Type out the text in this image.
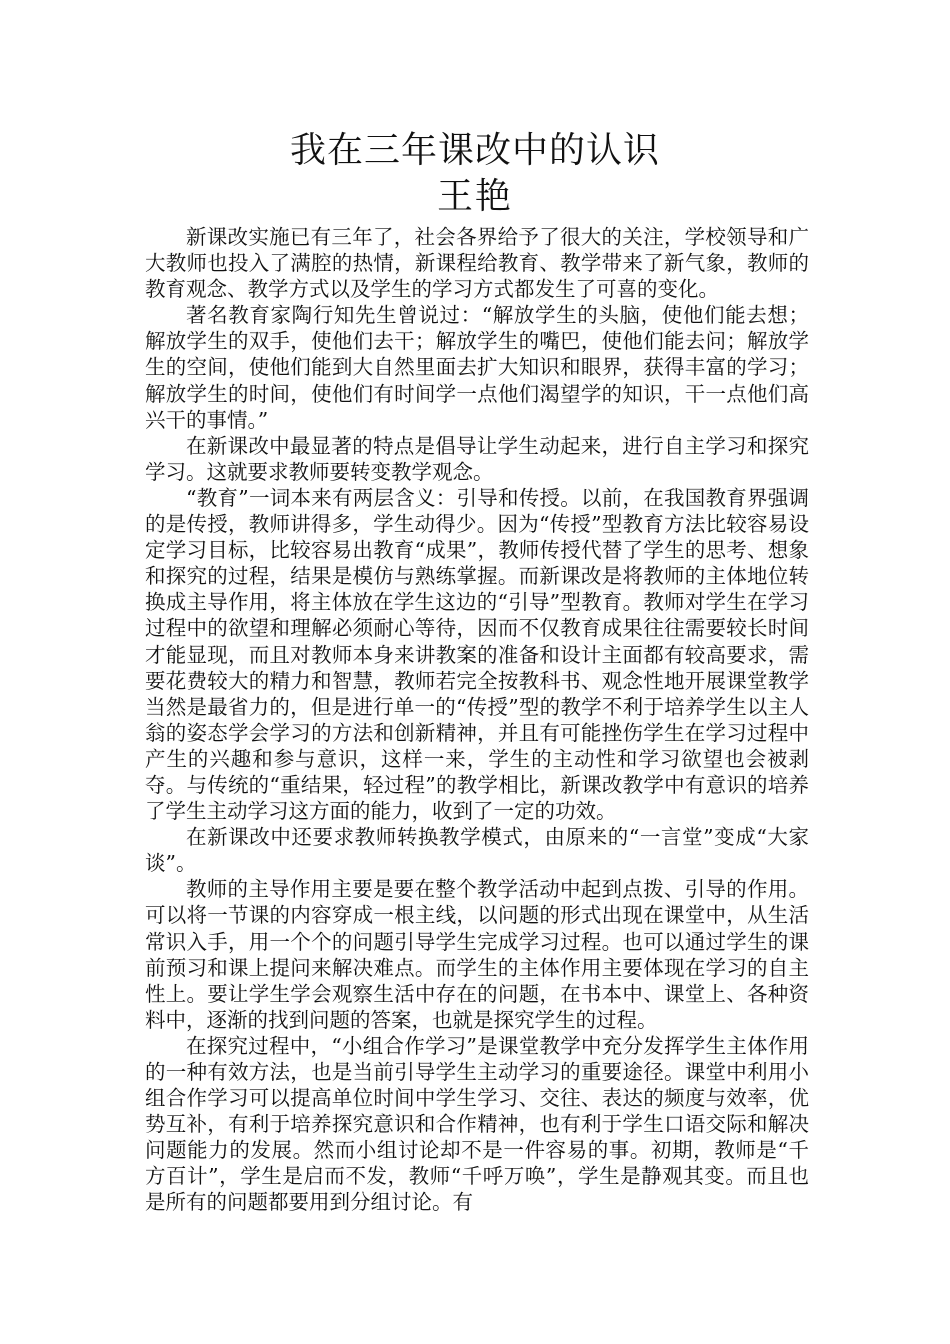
我在三年课改中的认识
王艳

新课改实施已有三年了，社会各界给予了很大的关注，学校领导和广大教师也投入了满腔的热情，新课程给教育、教学带来了新气象，教师的教育观念、教学方式以及学生的学习方式都发生了可喜的变化。

著名教育家陶行知先生曾说过：“解放学生的头脑，使他们能去想；解放学生的双手，使他们去干；解放学生的嘴巴，使他们能去问；解放学生的空间，使他们能到大自然里面去扩大知识和眼界，获得丰富的学习；解放学生的时间，使他们有时间学一点他们渴望学的知识，干一点他们高兴干的事情。”

在新课改中最显著的特点是倡导让学生动起来，进行自主学习和探究学习。这就要求教师要转变教学观念。

“教育”一词本来有两层含义：引导和传授。以前，在我国教育界强调的是传授，教师讲得多，学生动得少。因为“传授”型教育方法比较容易设定学习目标，比较容易出教育“成果”，教师传授代替了学生的思考、想象和探究的过程，结果是模仿与熟练掌握。而新课改是将教师的主体地位转换成主导作用，将主体放在学生这边的“引导”型教育。教师对学生在学习过程中的欲望和理解必须耐心等待，因而不仅教育成果往往需要较长时间才能显现，而且对教师本身来讲教案的准备和设计主面都有较高要求，需要花费较大的精力和智慧，教师若完全按教科书、观念性地开展课堂教学当然是最省力的，但是进行单一的“传授”型的教学不利于培养学生以主人翁的姿态学会学习的方法和创新精神，并且有可能挫伤学生在学习过程中产生的兴趣和参与意识，这样一来，学生的主动性和学习欲望也会被剥夺。与传统的“重结果，轻过程”的教学相比，新课改教学中有意识的培养了学生主动学习这方面的能力，收到了一定的功效。

在新课改中还要求教师转换教学模式，由原来的“一言堂”变成“大家谈”。

教师的主导作用主要是要在整个教学活动中起到点拨、引导的作用。可以将一节课的内容穿成一根主线，以问题的形式出现在课堂中，从生活常识入手，用一个个的问题引导学生完成学习过程。也可以通过学生的课前预习和课上提问来解决难点。而学生的主体作用主要体现在学习的自主性上。要让学生学会观察生活中存在的问题，在书本中、课堂上、各种资料中，逐渐的找到问题的答案，也就是探究学生的过程。

在探究过程中，“小组合作学习”是课堂教学中充分发挥学生主体作用的一种有效方法，也是当前引导学生主动学习的重要途径。课堂中利用小组合作学习可以提高单位时间中学生学习、交往、表达的频度与效率，优势互补，有利于培养探究意识和合作精神，也有利于学生口语交际和解决问题能力的发展。然而小组讨论却不是一件容易的事。初期，教师是“千方百计”，学生是启而不发，教师“千呼万唤”，学生是静观其变。而且也是所有的问题都要用到分组讨论。有
